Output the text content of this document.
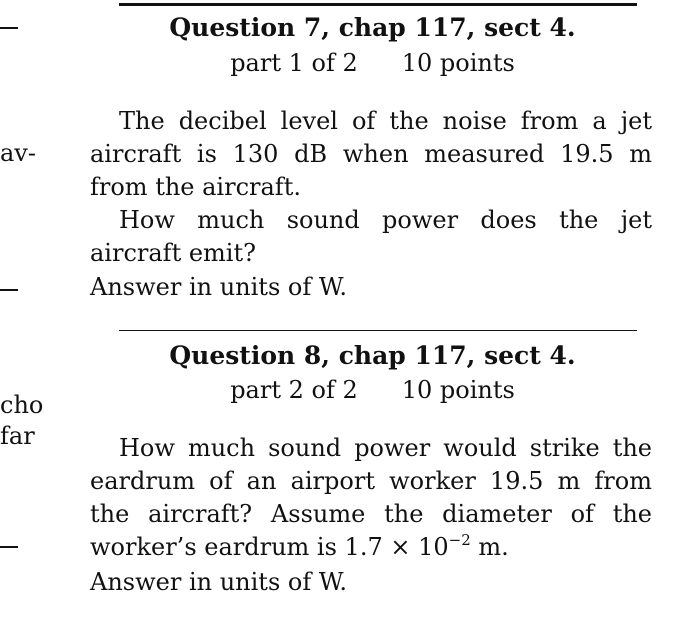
av-
cho
far
Question 7, chap 117, sect 4.
part 1 of 2 10 points
The decibel level of the noise from a jet aircraft is 130 dB when measured 19.5 m from the aircraft.
How much sound power does the jet aircraft emit?
Answer in units of W.
Question 8, chap 117, sect 4.
part 2 of 2 10 points
How much sound power would strike the eardrum of an airport worker 19.5 m from the aircraft? Assume the diameter of the worker’s eardrum is $1.7 \times 10^{-2}$ m.
Answer in units of W.
